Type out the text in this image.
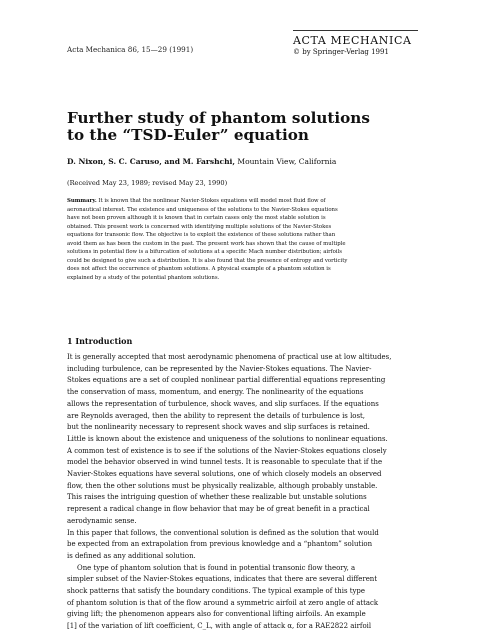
Acta Mechanica 86, 15—29 (1991)
ACTA MECHANICA
© by Springer-Verlag 1991
Further study of phantom solutions
to the “TSD-Euler” equation
D. Nixon, S. C. Caruso, and M. Farshchi, Mountain View, California
(Received May 23, 1989; revised May 23, 1990)
Summary. It is known that the nonlinear Navier-Stokes equations will model most fluid flow of
aeronautical interest. The existence and uniqueness of the solutions to the Navier-Stokes equations
have not been proven although it is known that in certain cases only the most stable solution is
obtained. This present work is concerned with identifying multiple solutions of the Navier-Stokes
equations for transonic flow. The objective is to exploit the existence of these solutions rather than
avoid them as has been the custom in the past. The present work has shown that the cause of multiple
solutions in potential flow is a bifurcation of solutions at a specific Mach number distribution; airfoils
could be designed to give such a distribution. It is also found that the presence of entropy and vorticity
does not affect the occurrence of phantom solutions. A physical example of a phantom solution is
explained by a study of the potential phantom solutions.
1 Introduction
It is generally accepted that most aerodynamic phenomena of practical use at low altitudes,
including turbulence, can be represented by the Navier-Stokes equations. The Navier-
Stokes equations are a set of coupled nonlinear partial differential equations representing
the conservation of mass, momentum, and energy. The nonlinearity of the equations
allows the representation of turbulence, shock waves, and slip surfaces. If the equations
are Reynolds averaged, then the ability to represent the details of turbulence is lost,
but the nonlinearity necessary to represent shock waves and slip surfaces is retained.
Little is known about the existence and uniqueness of the solutions to nonlinear equations.
A common test of existence is to see if the solutions of the Navier-Stokes equations closely
model the behavior observed in wind tunnel tests. It is reasonable to speculate that if the
Navier-Stokes equations have several solutions, one of which closely models an observed
flow, then the other solutions must be physically realizable, although probably unstable.
This raises the intriguing question of whether these realizable but unstable solutions
represent a radical change in flow behavior that may be of great benefit in a practical
aerodynamic sense.
In this paper that follows, the conventional solution is defined as the solution that would
be expected from an extrapolation from previous knowledge and a “phantom” solution
is defined as any additional solution.
One type of phantom solution that is found in potential transonic flow theory, a
simpler subset of the Navier-Stokes equations, indicates that there are several different
shock patterns that satisfy the boundary conditions. The typical example of this type
of phantom solution is that of the flow around a symmetric airfoil at zero angle of attack
giving lift; the phenomenon appears also for conventional lifting airfoils. An example
[1] of the variation of lift coefficient, C_L, with angle of attack α, for a RAE2822 airfoil
